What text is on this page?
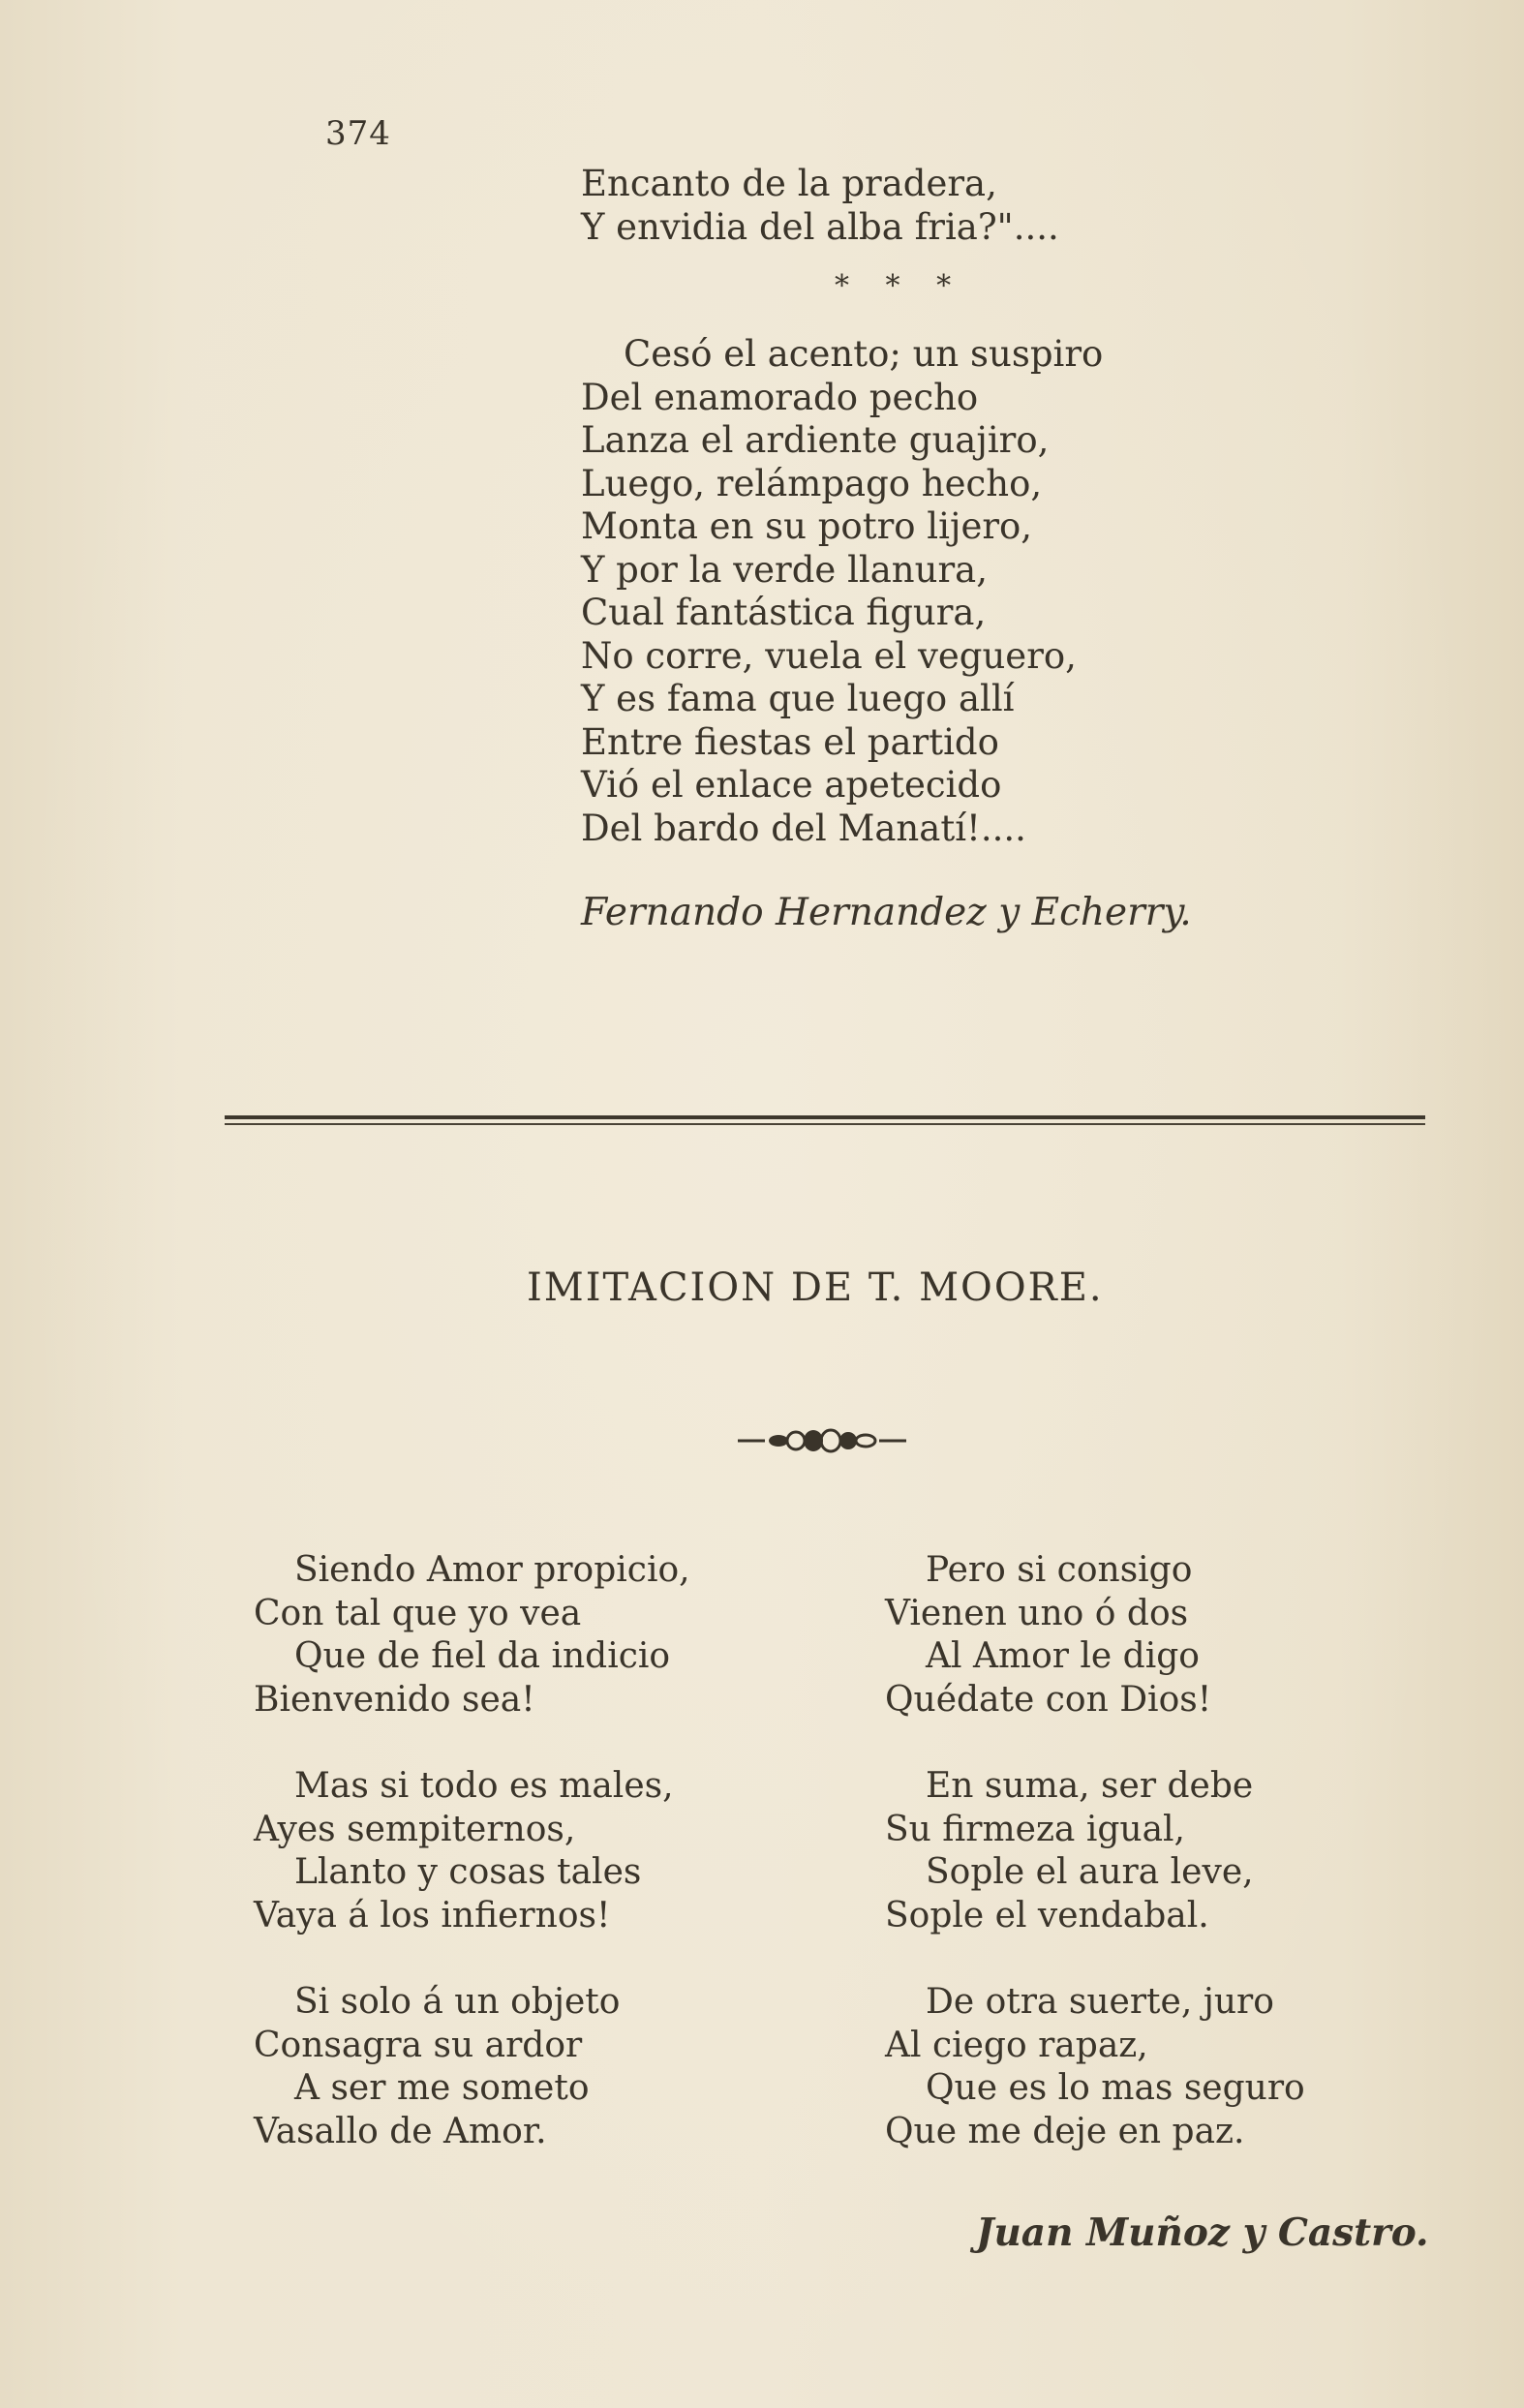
374
Encanto de la pradera,
Y envidia del alba fria?"....
* * *
Cesó el acento; un suspiro
Del enamorado pecho
Lanza el ardiente guajiro,
Luego, relámpago hecho,
Monta en su potro lijero,
Y por la verde llanura,
Cual fantástica figura,
No corre, vuela el veguero,
Y es fama que luego allí
Entre fiestas el partido
Vió el enlace apetecido
Del bardo del Manatí!....
Fernando Hernandez y Echerry.
IMITACION DE T. MOORE.
Siendo Amor propicio,
Con tal que yo vea
Que de fiel da indicio
Bienvenido sea!
Mas si todo es males,
Ayes sempiternos,
Llanto y cosas tales
Vaya á los infiernos!
Si solo á un objeto
Consagra su ardor
A ser me someto
Vasallo de Amor.
Pero si consigo
Vienen uno ó dos
Al Amor le digo
Quédate con Dios!
En suma, ser debe
Su firmeza igual,
Sople el aura leve,
Sople el vendabal.
De otra suerte, juro
Al ciego rapaz,
Que es lo mas seguro
Que me deje en paz.
Juan Muñoz y Castro.
